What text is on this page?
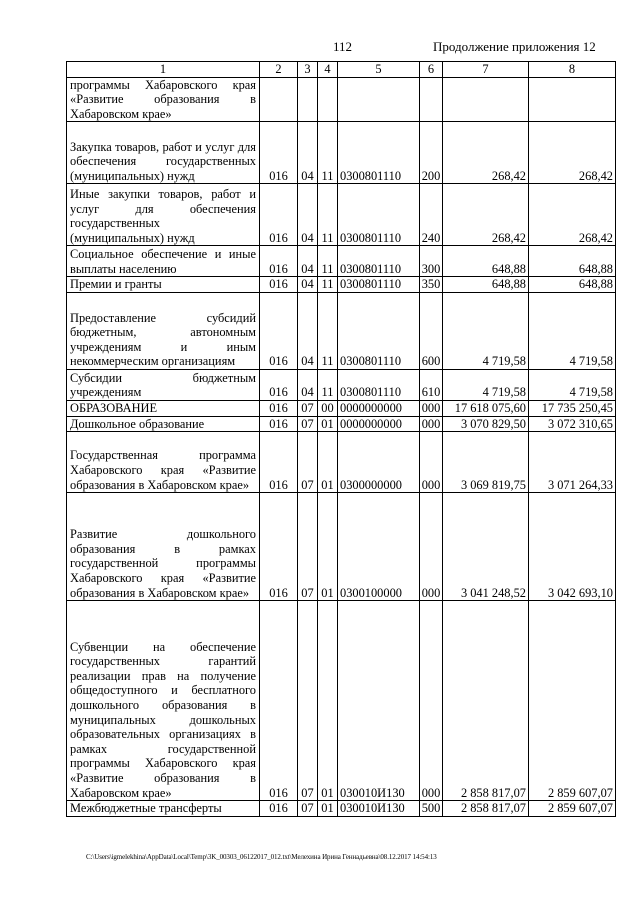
112	Продолжение приложения 12
1	2	3	4	5	6	7	8
программы Хабаровского края «Развитие образования в Хабаровском крае»							
Закупка товаров, работ и услуг для обеспечения государственных (муниципальных) нужд	016	04	11	0300801110	200	268,42	268,42
Иные закупки товаров, работ и услуг для обеспечения государственных (муниципальных) нужд	016	04	11	0300801110	240	268,42	268,42
Социальное обеспечение и иные выплаты населению	016	04	11	0300801110	300	648,88	648,88
Премии и гранты	016	04	11	0300801110	350	648,88	648,88
Предоставление субсидий бюджетным, автономным учреждениям и иным некоммерческим организациям	016	04	11	0300801110	600	4 719,58	4 719,58
Субсидии бюджетным учреждениям	016	04	11	0300801110	610	4 719,58	4 719,58
ОБРАЗОВАНИЕ	016	07	00	0000000000	000	17 618 075,60	17 735 250,45
Дошкольное образование	016	07	01	0000000000	000	3 070 829,50	3 072 310,65
Государственная программа Хабаровского края «Развитие образования в Хабаровском крае»	016	07	01	0300000000	000	3 069 819,75	3 071 264,33
Развитие дошкольного образования в рамках государственной программы Хабаровского края «Развитие образования в Хабаровском крае»	016	07	01	0300100000	000	3 041 248,52	3 042 693,10
Субвенции на обеспечение государственных гарантий реализации прав на получение общедоступного и бесплатного дошкольного образования в муниципальных дошкольных образовательных организациях в рамках государственной программы Хабаровского края «Развитие образования в Хабаровском крае»	016	07	01	030010И130	000	2 858 817,07	2 859 607,07
Межбюджетные трансферты	016	07	01	030010И130	500	2 858 817,07	2 859 607,07
C:\Users\igmelekhina\AppData\Local\Temp\3K_00303_06122017_012.txt\Мелехина Ирина Геннадьевна\08.12.2017 14:54:13
